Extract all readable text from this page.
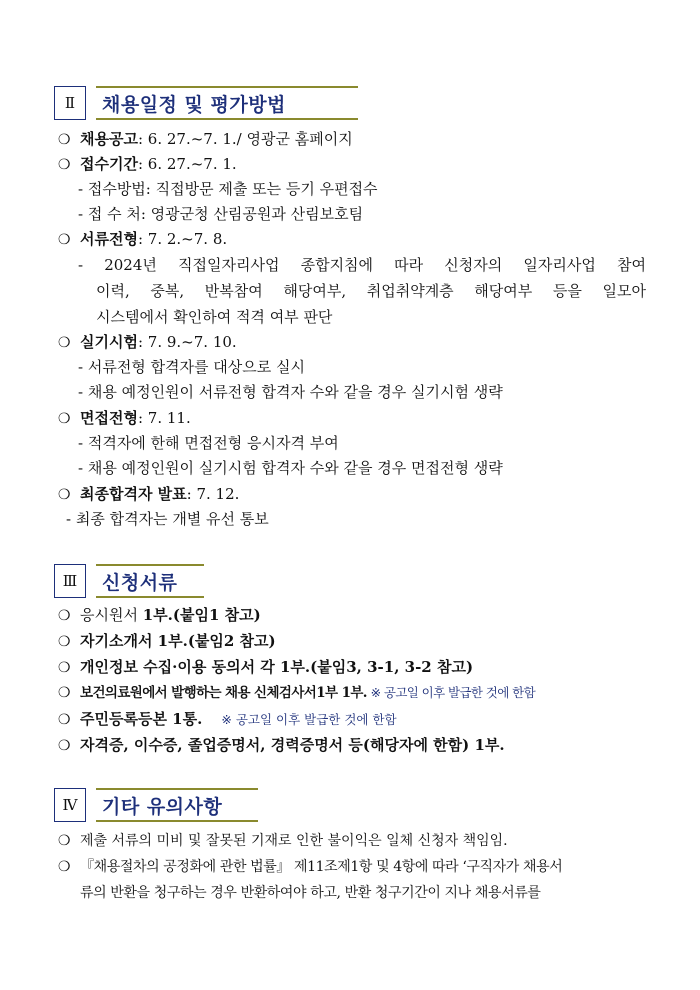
Ⅱ	채용일정 및 평가방법
❍ 채용공고: 6. 27.~7. 1./ 영광군 홈페이지
❍ 접수기간: 6. 27.~7. 1.
- 접수방법: 직접방문 제출 또는 등기 우편접수
- 접 수 처: 영광군청 산림공원과 산림보호팀
❍ 서류전형: 7. 2.~7. 8.
- 2024년 직접일자리사업 종합지침에 따라 신청자의 일자리사업 참여
이력, 중복, 반복참여 해당여부, 취업취약계층 해당여부 등을 일모아
시스템에서 확인하여 적격 여부 판단
❍ 실기시험: 7. 9.~7. 10.
- 서류전형 합격자를 대상으로 실시
- 채용 예정인원이 서류전형 합격자 수와 같을 경우 실기시험 생략
❍ 면접전형: 7. 11.
- 적격자에 한해 면접전형 응시자격 부여
- 채용 예정인원이 실기시험 합격자 수와 같을 경우 면접전형 생략
❍ 최종합격자 발표: 7. 12.
- 최종 합격자는 개별 유선 통보
Ⅲ	신청서류
❍ 응시원서 1부.(붙임1 참고)
❍ 자기소개서 1부.(붙임2 참고)
❍ 개인정보 수집·이용 동의서 각 1부.(붙임3, 3-1, 3-2 참고)
❍ 보건의료원에서 발행하는 채용 신체검사서1부 1부. ※ 공고일 이후 발급한 것에 한함
❍ 주민등록등본 1통. ※ 공고일 이후 발급한 것에 한함
❍ 자격증, 이수증, 졸업증명서, 경력증명서 등(해당자에 한함) 1부.
Ⅳ	기타 유의사항
❍ 제출 서류의 미비 및 잘못된 기재로 인한 불이익은 일체 신청자 책임임.
❍ 『채용절차의 공정화에 관한 법률』 제11조제1항 및 4항에 따라 ‘구직자가 채용서
류의 반환을 청구하는 경우 반환하여야 하고, 반환 청구기간이 지나 채용서류를
